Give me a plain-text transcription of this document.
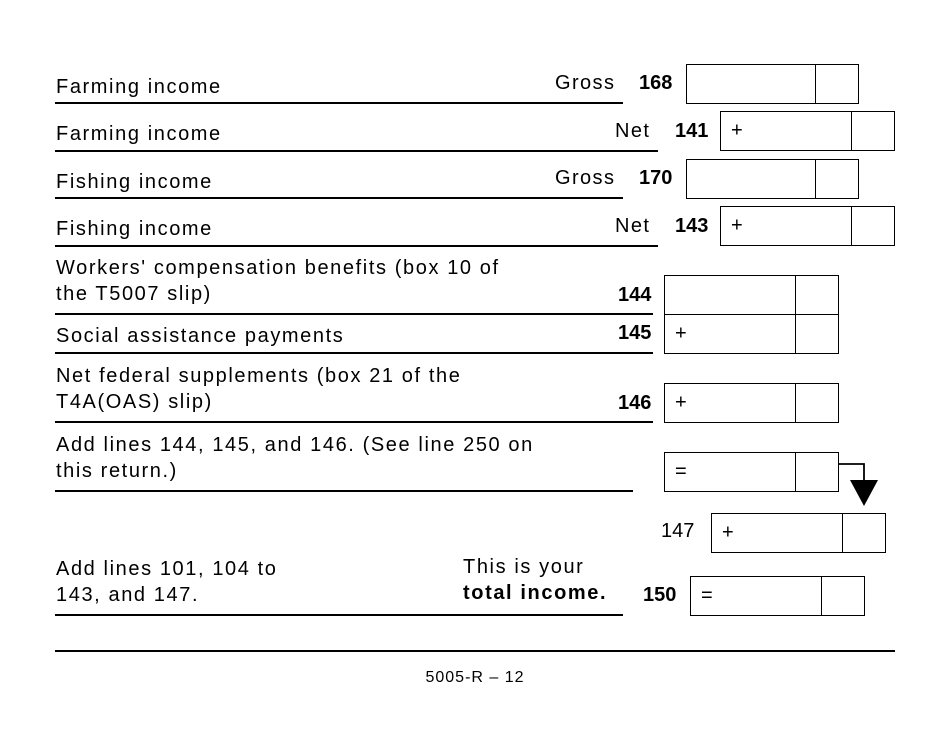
Farming income	Gross 168
Farming income	Net 141 +
Fishing income	Gross 170
Fishing income	Net 143 +
Workers' compensation benefits (box 10 of
the T5007 slip)	144
Social assistance payments	145 +
Net federal supplements (box 21 of the
T4A(OAS) slip)	146 +
Add lines 144, 145, and 146. (See line 250 on
this return.)	=
147 +
Add lines 101, 104 to
143, and 147.
This is your
total income. 150 =
5005-R – 12
